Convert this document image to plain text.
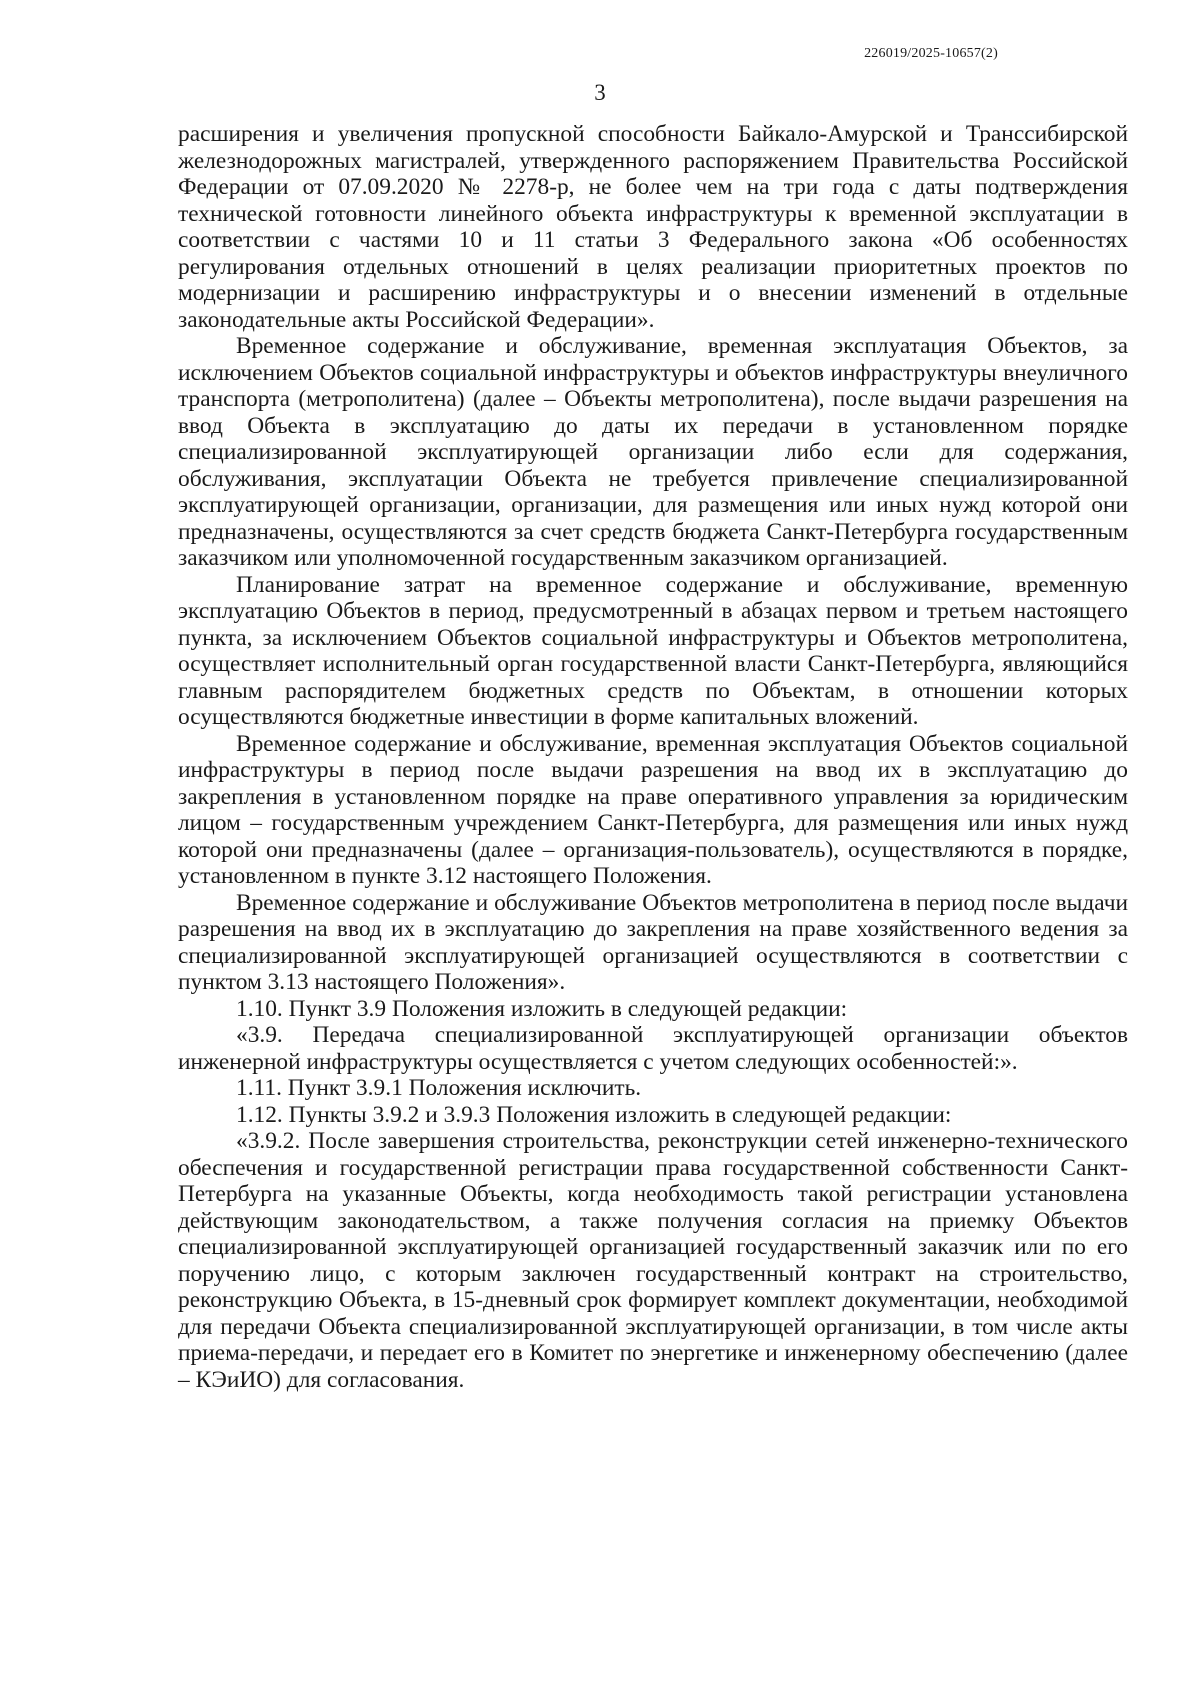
226019/2025-10657(2)
3

расширения и увеличения пропускной способности Байкало-Амурской и Транссибирской железнодорожных магистралей, утвержденного распоряжением Правительства Российской Федерации от 07.09.2020 № 2278-р, не более чем на три года с даты подтверждения технической готовности линейного объекта инфраструктуры к временной эксплуатации в соответствии с частями 10 и 11 статьи 3 Федерального закона «Об особенностях регулирования отдельных отношений в целях реализации приоритетных проектов по модернизации и расширению инфраструктуры и о внесении изменений в отдельные законодательные акты Российской Федерации».

Временное содержание и обслуживание, временная эксплуатация Объектов, за исключением Объектов социальной инфраструктуры и объектов инфраструктуры внеуличного транспорта (метрополитена) (далее – Объекты метрополитена), после выдачи разрешения на ввод Объекта в эксплуатацию до даты их передачи в установленном порядке специализированной эксплуатирующей организации либо если для содержания, обслуживания, эксплуатации Объекта не требуется привлечение специализированной эксплуатирующей организации, организации, для размещения или иных нужд которой они предназначены, осуществляются за счет средств бюджета Санкт-Петербурга государственным заказчиком или уполномоченной государственным заказчиком организацией.

Планирование затрат на временное содержание и обслуживание, временную эксплуатацию Объектов в период, предусмотренный в абзацах первом и третьем настоящего пункта, за исключением Объектов социальной инфраструктуры и Объектов метрополитена, осуществляет исполнительный орган государственной власти Санкт-Петербурга, являющийся главным распорядителем бюджетных средств по Объектам, в отношении которых осуществляются бюджетные инвестиции в форме капитальных вложений.

Временное содержание и обслуживание, временная эксплуатация Объектов социальной инфраструктуры в период после выдачи разрешения на ввод их в эксплуатацию до закрепления в установленном порядке на праве оперативного управления за юридическим лицом – государственным учреждением Санкт-Петербурга, для размещения или иных нужд которой они предназначены (далее – организация-пользователь), осуществляются в порядке, установленном в пункте 3.12 настоящего Положения.

Временное содержание и обслуживание Объектов метрополитена в период после выдачи разрешения на ввод их в эксплуатацию до закрепления на праве хозяйственного ведения за специализированной эксплуатирующей организацией осуществляются в соответствии с пунктом 3.13 настоящего Положения».

1.10. Пункт 3.9 Положения изложить в следующей редакции:

«3.9. Передача специализированной эксплуатирующей организации объектов инженерной инфраструктуры осуществляется с учетом следующих особенностей:».

1.11. Пункт 3.9.1 Положения исключить.

1.12. Пункты 3.9.2 и 3.9.3 Положения изложить в следующей редакции:

«3.9.2. После завершения строительства, реконструкции сетей инженерно-технического обеспечения и государственной регистрации права государственной собственности Санкт-Петербурга на указанные Объекты, когда необходимость такой регистрации установлена действующим законодательством, а также получения согласия на приемку Объектов специализированной эксплуатирующей организацией государственный заказчик или по его поручению лицо, с которым заключен государственный контракт на строительство, реконструкцию Объекта, в 15-дневный срок формирует комплект документации, необходимой для передачи Объекта специализированной эксплуатирующей организации, в том числе акты приема-передачи, и передает его в Комитет по энергетике и инженерному обеспечению (далее – КЭиИО) для согласования.
